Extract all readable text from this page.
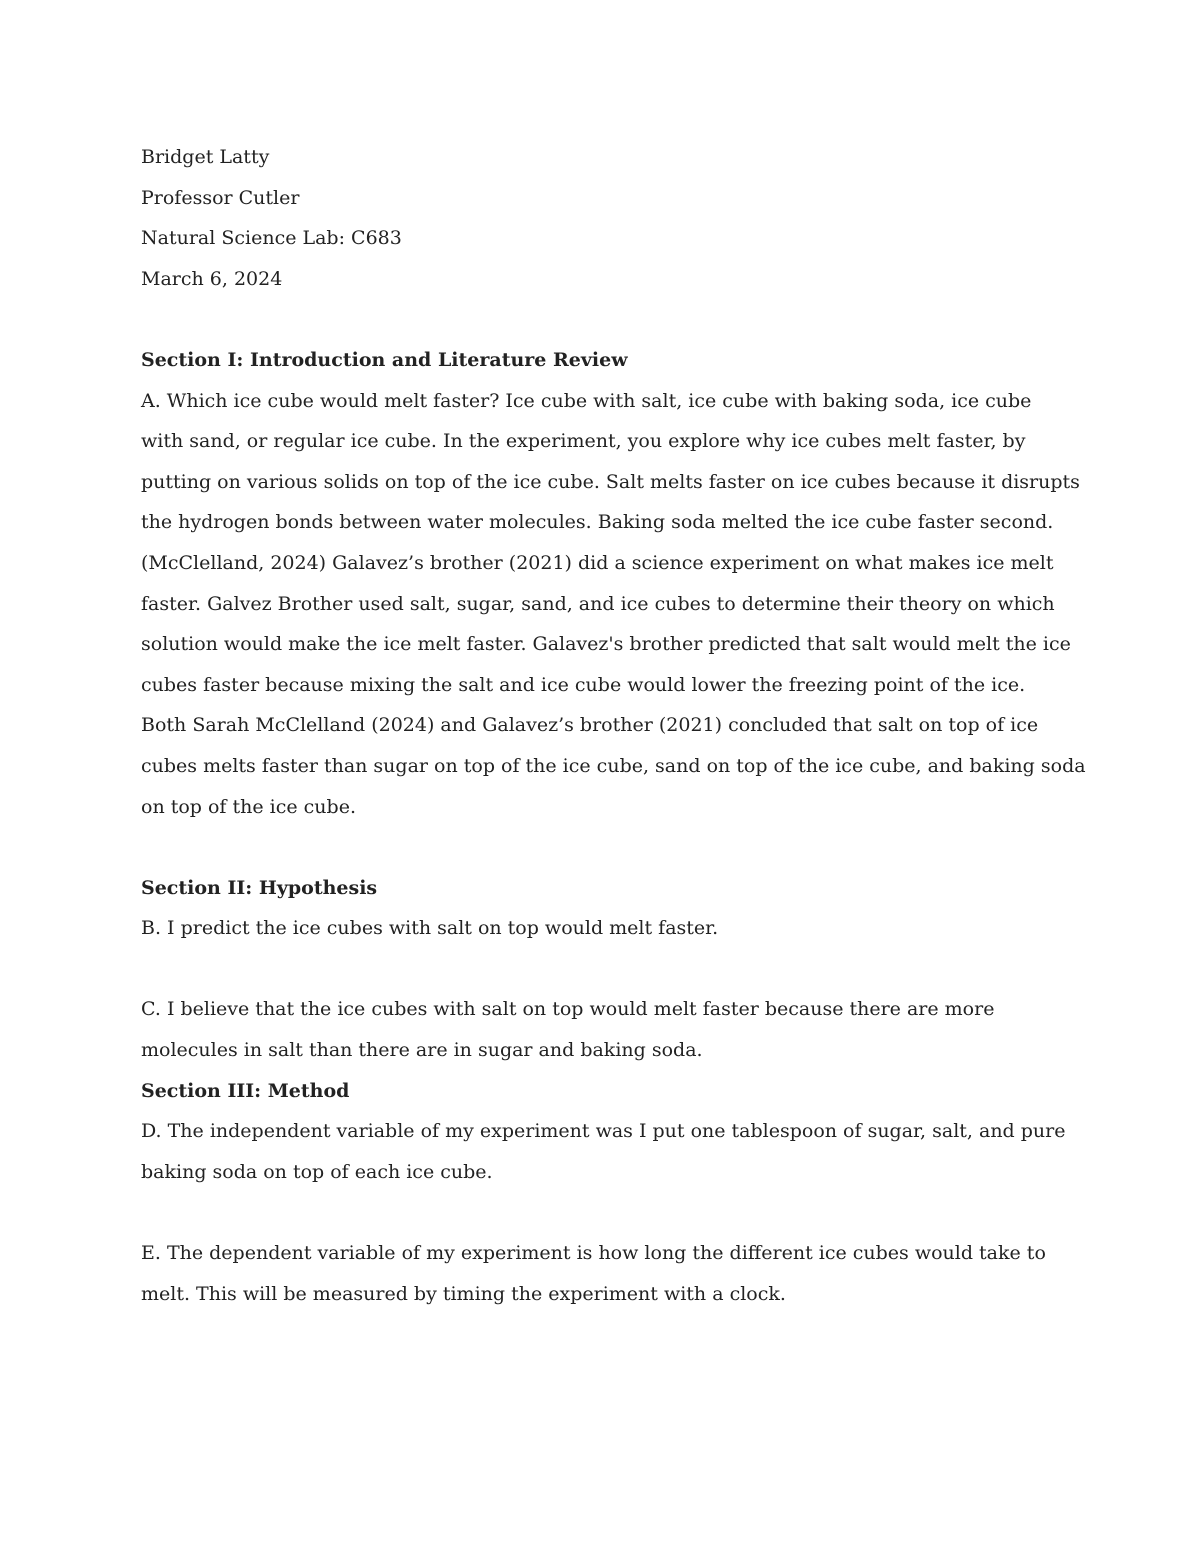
Bridget Latty
Professor Cutler
Natural Science Lab: C683
March 6, 2024
Section I: Introduction and Literature Review
A. Which ice cube would melt faster? Ice cube with salt, ice cube with baking soda, ice cube
with sand, or regular ice cube. In the experiment, you explore why ice cubes melt faster, by
putting on various solids on top of the ice cube. Salt melts faster on ice cubes because it disrupts
the hydrogen bonds between water molecules. Baking soda melted the ice cube faster second.
(McClelland, 2024) Galavez’s brother (2021) did a science experiment on what makes ice melt
faster. Galvez Brother used salt, sugar, sand, and ice cubes to determine their theory on which
solution would make the ice melt faster. Galavez's brother predicted that salt would melt the ice
cubes faster because mixing the salt and ice cube would lower the freezing point of the ice.
Both Sarah McClelland (2024) and Galavez’s brother (2021) concluded that salt on top of ice
cubes melts faster than sugar on top of the ice cube, sand on top of the ice cube, and baking soda
on top of the ice cube.
Section II: Hypothesis
B. I predict the ice cubes with salt on top would melt faster.
C. I believe that the ice cubes with salt on top would melt faster because there are more
molecules in salt than there are in sugar and baking soda.
Section III: Method
D. The independent variable of my experiment was I put one tablespoon of sugar, salt, and pure
baking soda on top of each ice cube.
E. The dependent variable of my experiment is how long the different ice cubes would take to
melt. This will be measured by timing the experiment with a clock.
